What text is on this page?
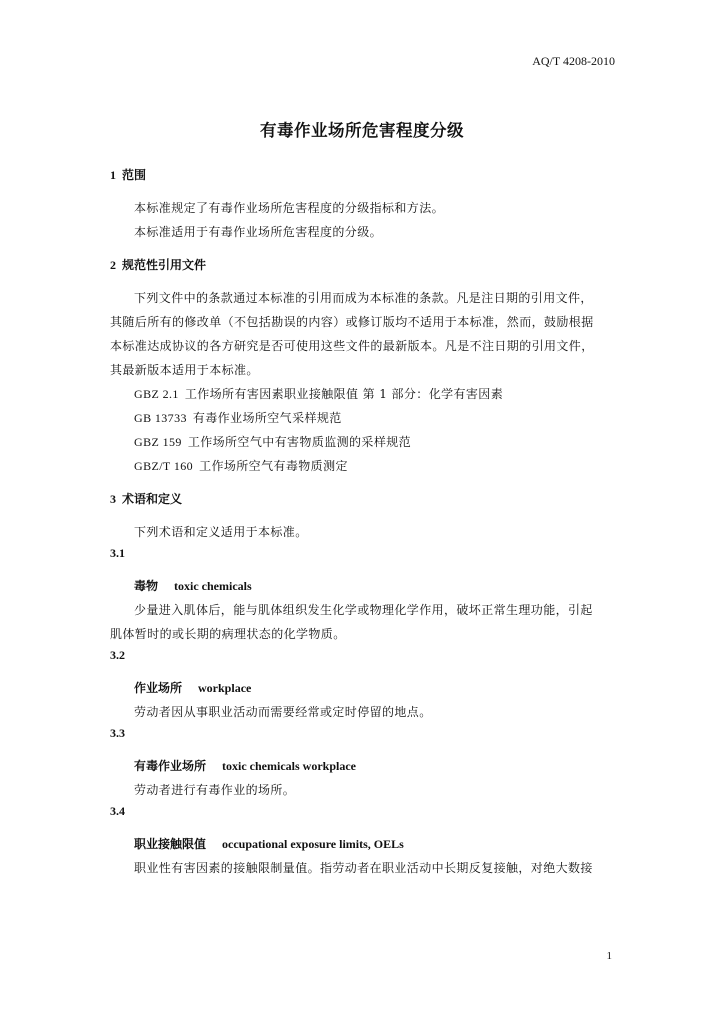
AQ/T 4208-2010
有毒作业场所危害程度分级
1 范围

本标准规定了有毒作业场所危害程度的分级指标和方法。

本标准适用于有毒作业场所危害程度的分级。

2 规范性引用文件

下列文件中的条款通过本标准的引用而成为本标准的条款。凡是注日期的引用文件，

其随后所有的修改单（不包括勘误的内容）或修订版均不适用于本标准，然而，鼓励根据

本标准达成协议的各方研究是否可使用这些文件的最新版本。凡是不注日期的引用文件，

其最新版本适用于本标准。

GBZ 2.1 工作场所有害因素职业接触限值 第 1 部分：化学有害因素
GB 13733 有毒作业场所空气采样规范
GBZ 159 工作场所空气中有害物质监测的采样规范
GBZ/T 160 工作场所空气有毒物质测定
3 术语和定义

下列术语和定义适用于本标准。

3.1
毒物 toxic chemicals

少量进入肌体后，能与肌体组织发生化学或物理化学作用，破坏正常生理功能，引起

肌体暂时的或长期的病理状态的化学物质。

3.2
作业场所 workplace

劳动者因从事职业活动而需要经常或定时停留的地点。

3.3
有毒作业场所 toxic chemicals workplace

劳动者进行有毒作业的场所。

3.4
职业接触限值 occupational exposure limits, OELs

职业性有害因素的接触限制量值。指劳动者在职业活动中长期反复接触，对绝大数接

1
